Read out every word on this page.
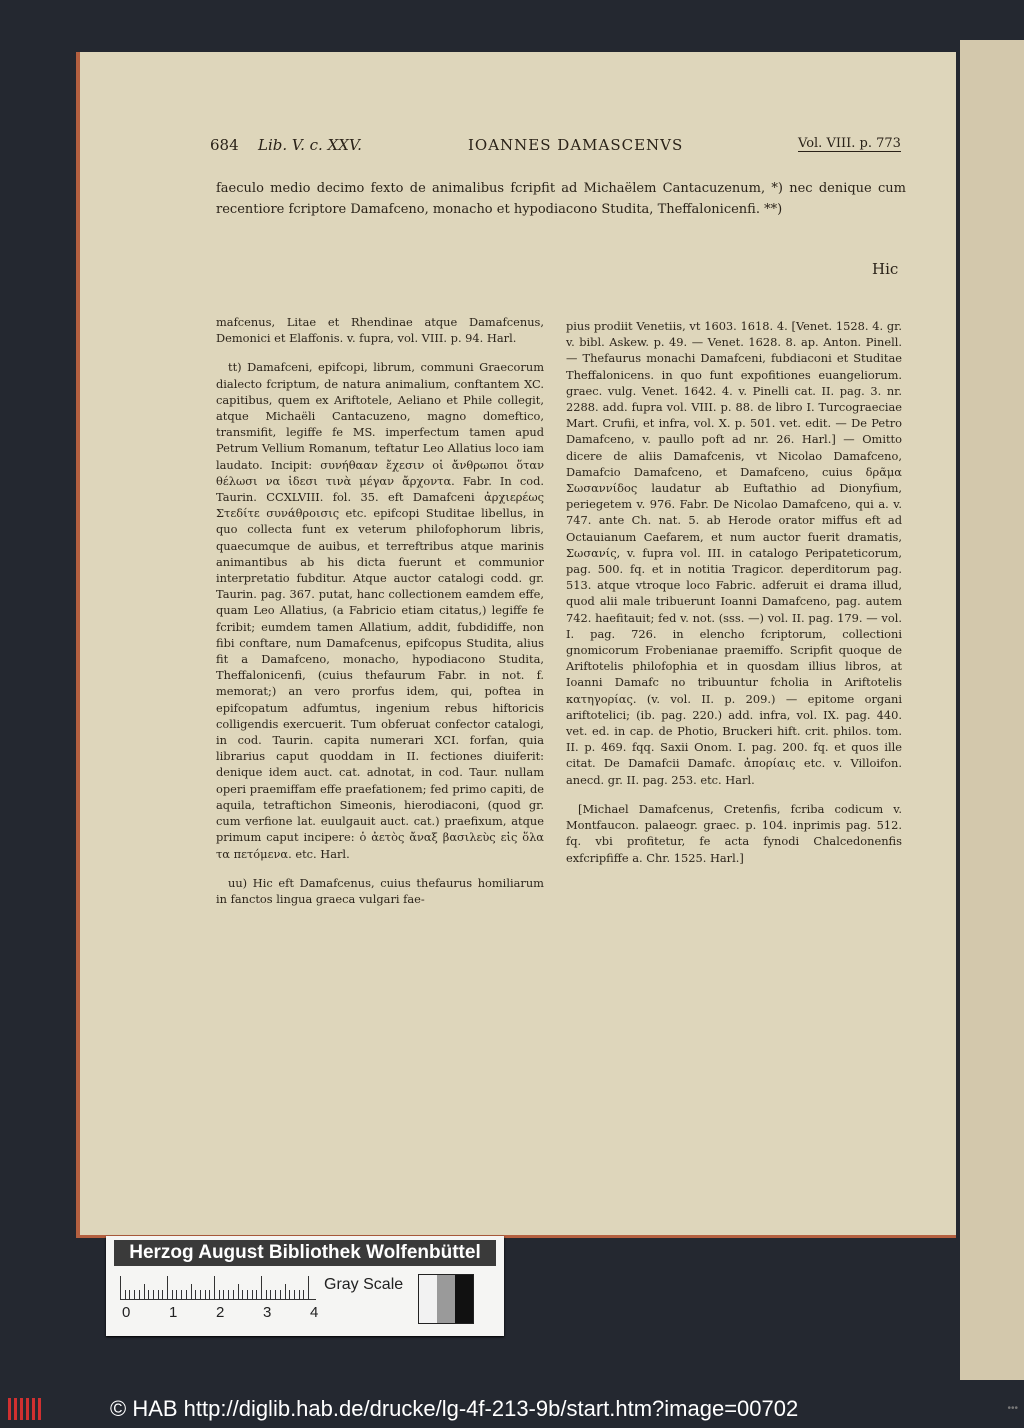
684 Lib. V. c. XXV.	IOANNES DAMASCENVS	Vol. VIII. p. 773
faeculo medio decimo fexto de animalibus fcripfit ad Michaëlem Cantacuzenum, *) nec denique cum recentiore fcriptore Damafceno, monacho et hypodiacono Studita, Theffalonicenfi. **)
Hic

mafcenus, Litae et Rhendinae atque Damafcenus, Demonici et Elaffonis. v. fupra, vol. VIII. p. 94. Harl.

tt) Damafceni, epifcopi, librum, communi Graecorum dialecto fcriptum, de natura animalium, conftantem XC. capitibus, quem ex Ariftotele, Aeliano et Phile collegit, atque Michaëli Cantacuzeno, magno domeftico, transmifit, legiffe fe MS. imperfectum tamen apud Petrum Vellium Romanum, teftatur Leo Allatius loco iam laudato. Incipit: συνήθααν ἔχεσιν οἱ ἄνθρωποι ὅταν θέλωσι να ἰδεσι τινὰ μέγαν ἄρχοντα. Fabr. In cod. Taurin. CCXLVIII. fol. 35. eft Damafceni ἀρχιερέως Στεδίτε συνάθροισις etc. epifcopi Studitae libellus, in quo collecta funt ex veterum philofophorum libris, quaecumque de auibus, et terreftribus atque marinis animantibus ab his dicta fuerunt et communior interpretatio fubditur. Atque auctor catalogi codd. gr. Taurin. pag. 367. putat, hanc collectionem eamdem effe, quam Leo Allatius, (a Fabricio etiam citatus,) legiffe fe fcribit; eumdem tamen Allatium, addit, fubdidiffe, non fibi conftare, num Damafcenus, epifcopus Studita, alius fit a Damafceno, monacho, hypodiacono Studita, Theffalonicenfi, (cuius thefaurum Fabr. in not. f. memorat;) an vero prorfus idem, qui, poftea in epifcopatum adfumtus, ingenium rebus hiftoricis colligendis exercuerit. Tum obferuat confector catalogi, in cod. Taurin. capita numerari XCI. forfan, quia librarius caput quoddam in II. fectiones diuiferit: denique idem auct. cat. adnotat, in cod. Taur. nullam operi praemiffam effe praefationem; fed primo capiti, de aquila, tetraftichon Simeonis, hierodiaconi, (quod gr. cum verfione lat. euulgauit auct. cat.) praefixum, atque primum caput incipere: ὁ ἀετὸς ἄναξ βασιλεὺς εἰς ὅλα τα πετόμενα. etc. Harl.

uu) Hic eft Damafcenus, cuius thefaurus homiliarum in fanctos lingua graeca vulgari fae-

pius prodiit Venetiis, vt 1603. 1618. 4. [Venet. 1528. 4. gr. v. bibl. Askew. p. 49. — Venet. 1628. 8. ap. Anton. Pinell. — Thefaurus monachi Damafceni, fubdiaconi et Studitae Theffalonicens. in quo funt expofitiones euangeliorum. graec. vulg. Venet. 1642. 4. v. Pinelli cat. II. pag. 3. nr. 2288. add. fupra vol. VIII. p. 88. de libro I. Turcograeciae Mart. Crufii, et infra, vol. X. p. 501. vet. edit. — De Petro Damafceno, v. paullo poft ad nr. 26. Harl.] — Omitto dicere de aliis Damafcenis, vt Nicolao Damafceno, Damafcio Damafceno, et Damafceno, cuius δρᾶμα Σωσαννίδος laudatur ab Euftathio ad Dionyfium, periegetem v. 976. Fabr. De Nicolao Damafceno, qui a. v. 747. ante Ch. nat. 5. ab Herode orator miffus eft ad Octauianum Caefarem, et num auctor fuerit dramatis, Σωσανίς, v. fupra vol. III. in catalogo Peripateticorum, pag. 500. fq. et in notitia Tragicor. deperditorum pag. 513. atque vtroque loco Fabric. adferuit ei drama illud, quod alii male tribuerunt Ioanni Damafceno, pag. autem 742. haefitauit; fed v. not. (sss. —) vol. II. pag. 179. — vol. I. pag. 726. in elencho fcriptorum, collectioni gnomicorum Frobenianae praemiffo. Scripfit quoque de Ariftotelis philofophia et in quosdam illius libros, at Ioanni Damafc no tribuuntur fcholia in Ariftotelis κατηγορίας. (v. vol. II. p. 209.) — epitome organi ariftotelici; (ib. pag. 220.) add. infra, vol. IX. pag. 440. vet. ed. in cap. de Photio, Bruckeri hift. crit. philos. tom. II. p. 469. fqq. Saxii Onom. I. pag. 200. fq. et quos ille citat. De Damafcii Damafc. ἀπορίαις etc. v. Villoifon. anecd. gr. II. pag. 253. etc. Harl.

[Michael Damafcenus, Cretenfis, fcriba codicum v. Montfaucon. palaeogr. graec. p. 104. inprimis pag. 512. fq. vbi profitetur, fe acta fynodi Chalcedonenfis exfcripfiffe a. Chr. 1525. Harl.]

Herzog August Bibliothek Wolfenbüttel
0	1	2	3	4
Gray Scale
© HAB http://diglib.hab.de/drucke/lg-4f-213-9b/start.htm?image=00702	•••
